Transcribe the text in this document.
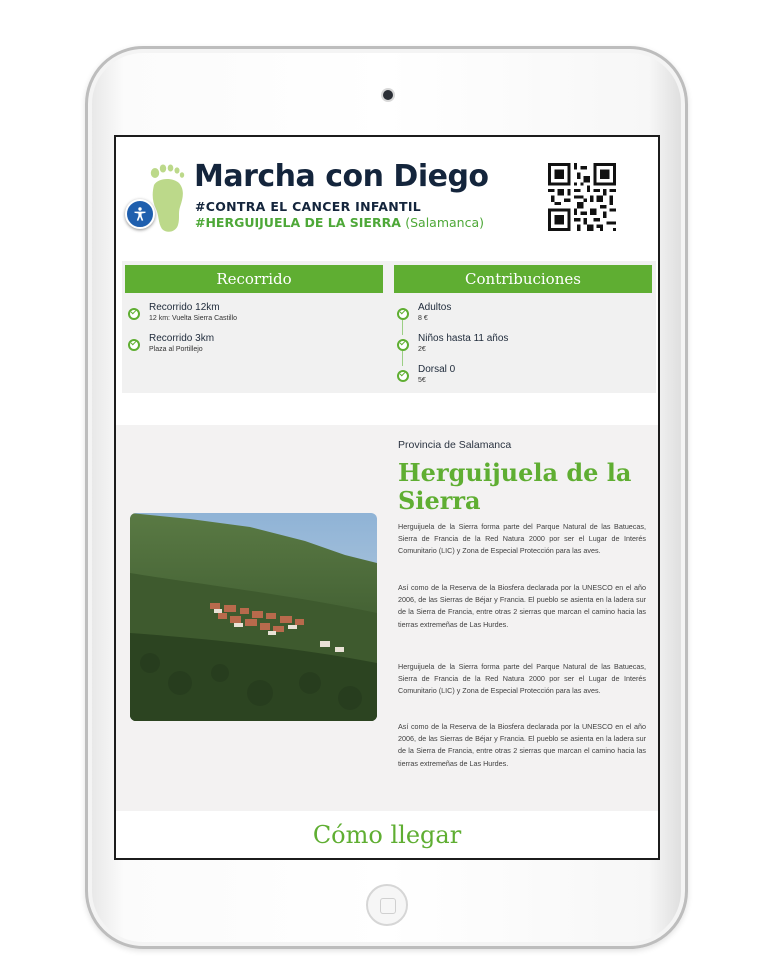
Marcha con Diego
#CONTRA EL CANCER INFANTIL
#HERGUIJUELA DE LA SIERRA (Salamanca)
Recorrido
Recorrido 12km
12 km: Vuelta Sierra Castillo
Recorrido 3km
Plaza al Portillejo
Contribuciones
Adultos
8 €
Niños hasta 11 años
2€
Dorsal 0
5€
Provincia de Salamanca
Herguijuela de la Sierra

Herguijuela de la Sierra forma parte del Parque Natural de las Batuecas, Sierra de Francia de la Red Natura 2000 por ser el Lugar de Interés Comunitario (LIC) y Zona de Especial Protección para las aves.

Así como de la Reserva de la Biosfera declarada por la UNESCO en el año 2006, de las Sierras de Béjar y Francia. El pueblo se asienta en la ladera sur de la Sierra de Francia, entre otras 2 sierras que marcan el camino hacia las tierras extremeñas de Las Hurdes.

Herguijuela de la Sierra forma parte del Parque Natural de las Batuecas, Sierra de Francia de la Red Natura 2000 por ser el Lugar de Interés Comunitario (LIC) y Zona de Especial Protección para las aves.

Así como de la Reserva de la Biosfera declarada por la UNESCO en el año 2006, de las Sierras de Béjar y Francia. El pueblo se asienta en la ladera sur de la Sierra de Francia, entre otras 2 sierras que marcan el camino hacia las tierras extremeñas de Las Hurdes.

Cómo llegar
